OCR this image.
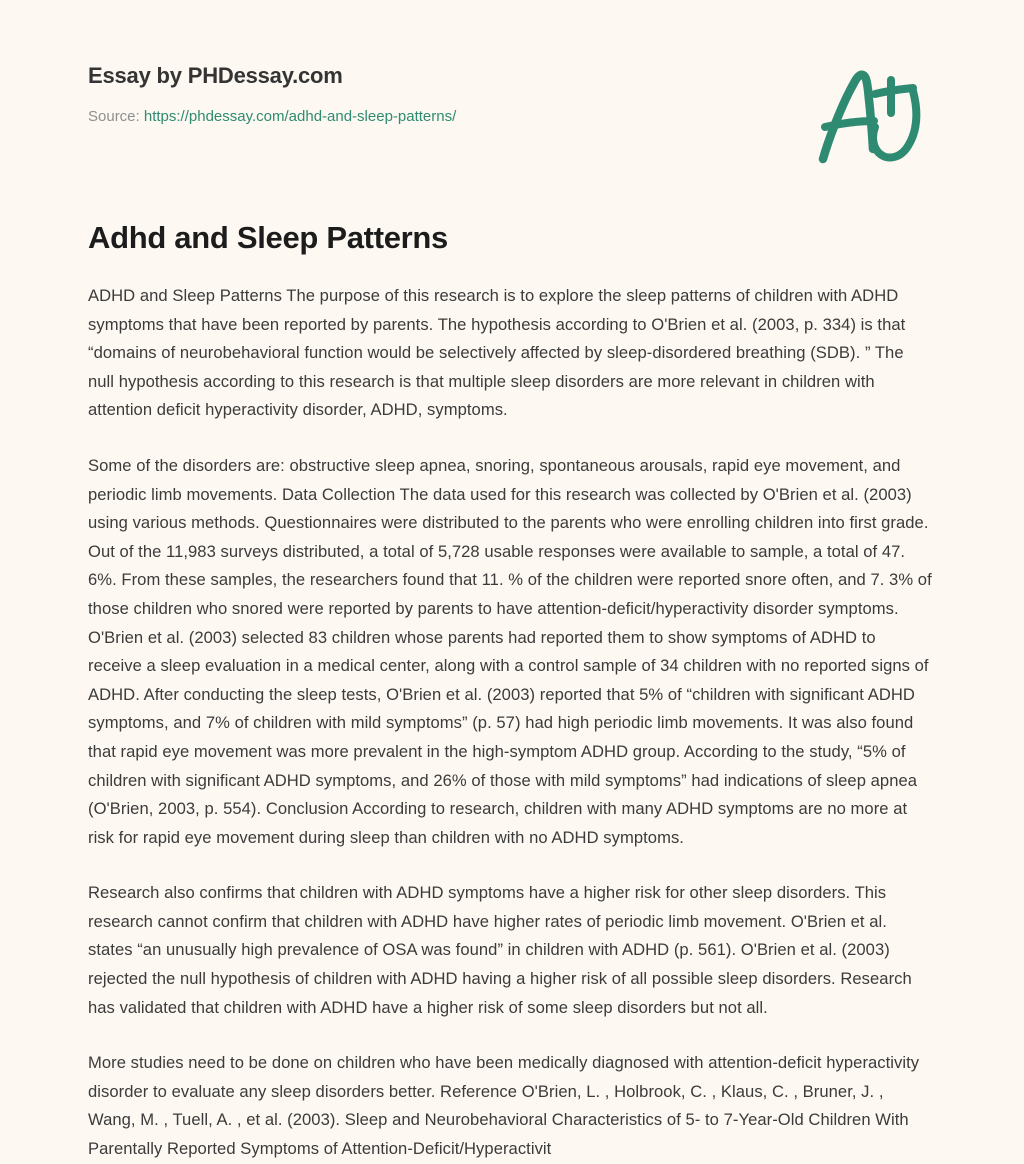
Essay by PHDessay.com
Source: https://phdessay.com/adhd-and-sleep-patterns/
Adhd and Sleep Patterns

ADHD and Sleep Patterns The purpose of this research is to explore the sleep patterns of children with ADHD symptoms that have been reported by parents. The hypothesis according to O'Brien et al. (2003, p. 334) is that “domains of neurobehavioral function would be selectively affected by sleep-disordered breathing (SDB). ” The null hypothesis according to this research is that multiple sleep disorders are more relevant in children with attention deficit hyperactivity disorder, ADHD, symptoms.

Some of the disorders are: obstructive sleep apnea, snoring, spontaneous arousals, rapid eye movement, and periodic limb movements. Data Collection The data used for this research was collected by O'Brien et al. (2003) using various methods. Questionnaires were distributed to the parents who were enrolling children into first grade. Out of the 11,983 surveys distributed, a total of 5,728 usable responses were available to sample, a total of 47. 6%. From these samples, the researchers found that 11. % of the children were reported snore often, and 7. 3% of those children who snored were reported by parents to have attention-deficit/hyperactivity disorder symptoms. O'Brien et al. (2003) selected 83 children whose parents had reported them to show symptoms of ADHD to receive a sleep evaluation in a medical center, along with a control sample of 34 children with no reported signs of ADHD. After conducting the sleep tests, O'Brien et al. (2003) reported that 5% of “children with significant ADHD symptoms, and 7% of children with mild symptoms” (p. 57) had high periodic limb movements. It was also found that rapid eye movement was more prevalent in the high-symptom ADHD group. According to the study, “5% of children with significant ADHD symptoms, and 26% of those with mild symptoms” had indications of sleep apnea (O'Brien, 2003, p. 554). Conclusion According to research, children with many ADHD symptoms are no more at risk for rapid eye movement during sleep than children with no ADHD symptoms.

Research also confirms that children with ADHD symptoms have a higher risk for other sleep disorders. This research cannot confirm that children with ADHD have higher rates of periodic limb movement. O'Brien et al. states “an unusually high prevalence of OSA was found” in children with ADHD (p. 561). O'Brien et al. (2003) rejected the null hypothesis of children with ADHD having a higher risk of all possible sleep disorders. Research has validated that children with ADHD have a higher risk of some sleep disorders but not all.

More studies need to be done on children who have been medically diagnosed with attention-deficit hyperactivity disorder to evaluate any sleep disorders better. Reference O'Brien, L. , Holbrook, C. , Klaus, C. , Bruner, J. , Wang, M. , Tuell, A. , et al. (2003). Sleep and Neurobehavioral Characteristics of 5- to 7-Year-Old Children With Parentally Reported Symptoms of Attention-Deficit/Hyperactivit
